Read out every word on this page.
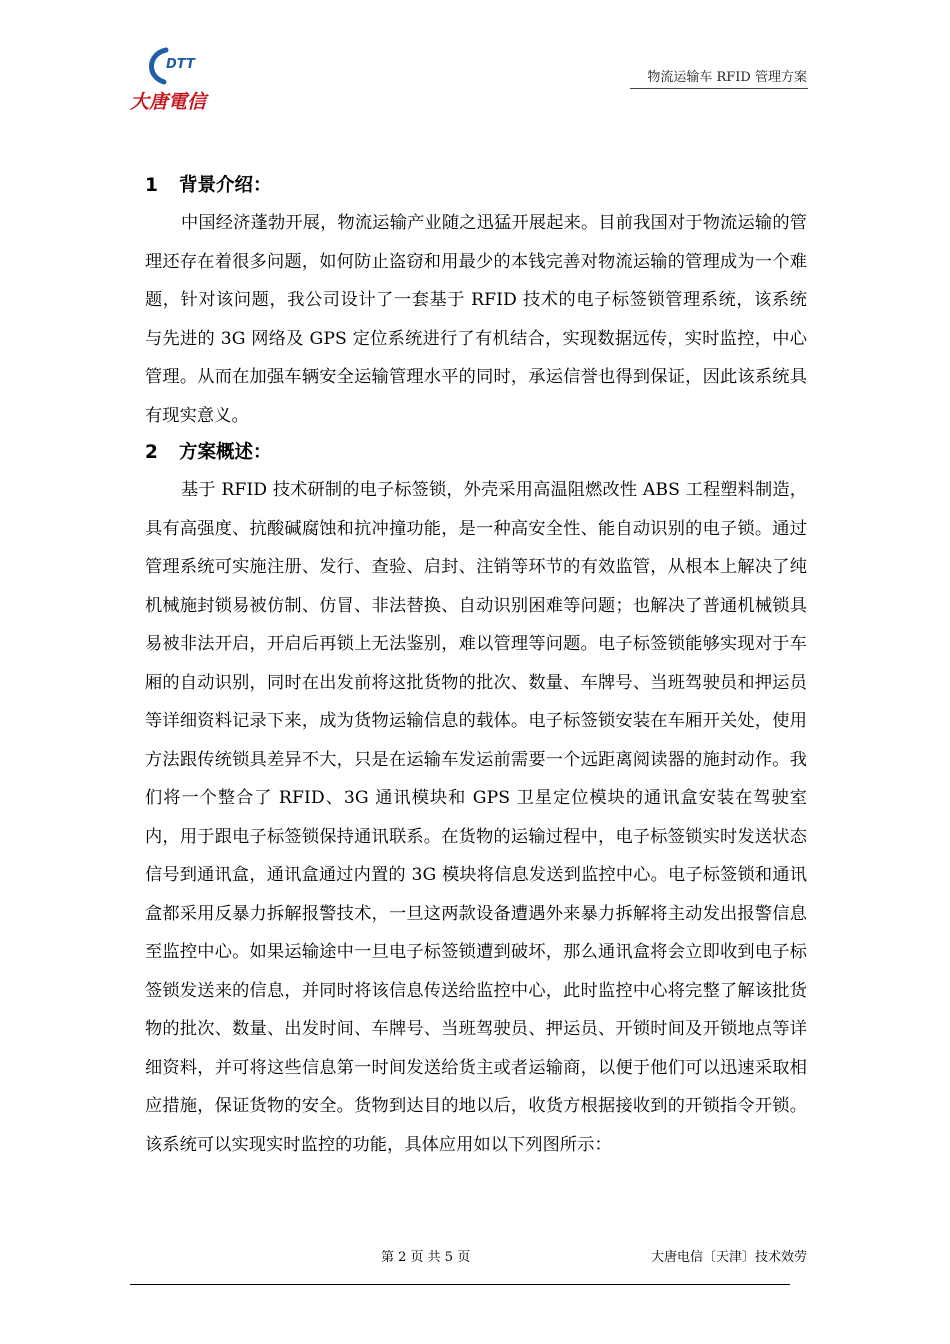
DTT
大唐電信
物流运输车 RFID 管理方案
1 背景介绍：

中国经济蓬勃开展，物流运输产业随之迅猛开展起来。目前我国对于物流运输的管理还存在着很多问题，如何防止盗窃和用最少的本钱完善对物流运输的管理成为一个难题，针对该问题，我公司设计了一套基于 RFID 技术的电子标签锁管理系统，该系统与先进的 3G 网络及 GPS 定位系统进行了有机结合，实现数据远传，实时监控，中心管理。从而在加强车辆安全运输管理水平的同时，承运信誉也得到保证，因此该系统具有现实意义。

2 方案概述：

基于 RFID 技术研制的电子标签锁，外壳采用高温阻燃改性 ABS 工程塑料制造，具有高强度、抗酸碱腐蚀和抗冲撞功能，是一种高安全性、能自动识别的电子锁。通过管理系统可实施注册、发行、查验、启封、注销等环节的有效监管，从根本上解决了纯机械施封锁易被仿制、仿冒、非法替换、自动识别困难等问题；也解决了普通机械锁具易被非法开启，开启后再锁上无法鉴别，难以管理等问题。电子标签锁能够实现对于车厢的自动识别，同时在出发前将这批货物的批次、数量、车牌号、当班驾驶员和押运员等详细资料记录下来，成为货物运输信息的载体。电子标签锁安装在车厢开关处，使用方法跟传统锁具差异不大，只是在运输车发运前需要一个远距离阅读器的施封动作。我们将一个整合了 RFID、3G 通讯模块和 GPS 卫星定位模块的通讯盒安装在驾驶室内，用于跟电子标签锁保持通讯联系。在货物的运输过程中，电子标签锁实时发送状态信号到通讯盒，通讯盒通过内置的 3G 模块将信息发送到监控中心。电子标签锁和通讯盒都采用反暴力拆解报警技术，一旦这两款设备遭遇外来暴力拆解将主动发出报警信息至监控中心。如果运输途中一旦电子标签锁遭到破坏，那么通讯盒将会立即收到电子标签锁发送来的信息，并同时将该信息传送给监控中心，此时监控中心将完整了解该批货物的批次、数量、出发时间、车牌号、当班驾驶员、押运员、开锁时间及开锁地点等详细资料，并可将这些信息第一时间发送给货主或者运输商，以便于他们可以迅速采取相应措施，保证货物的安全。货物到达目的地以后，收货方根据接收到的开锁指令开锁。 该系统可以实现实时监控的功能，具体应用如以下列图所示：

第 2 页 共 5 页	大唐电信〔天津〕技术效劳
